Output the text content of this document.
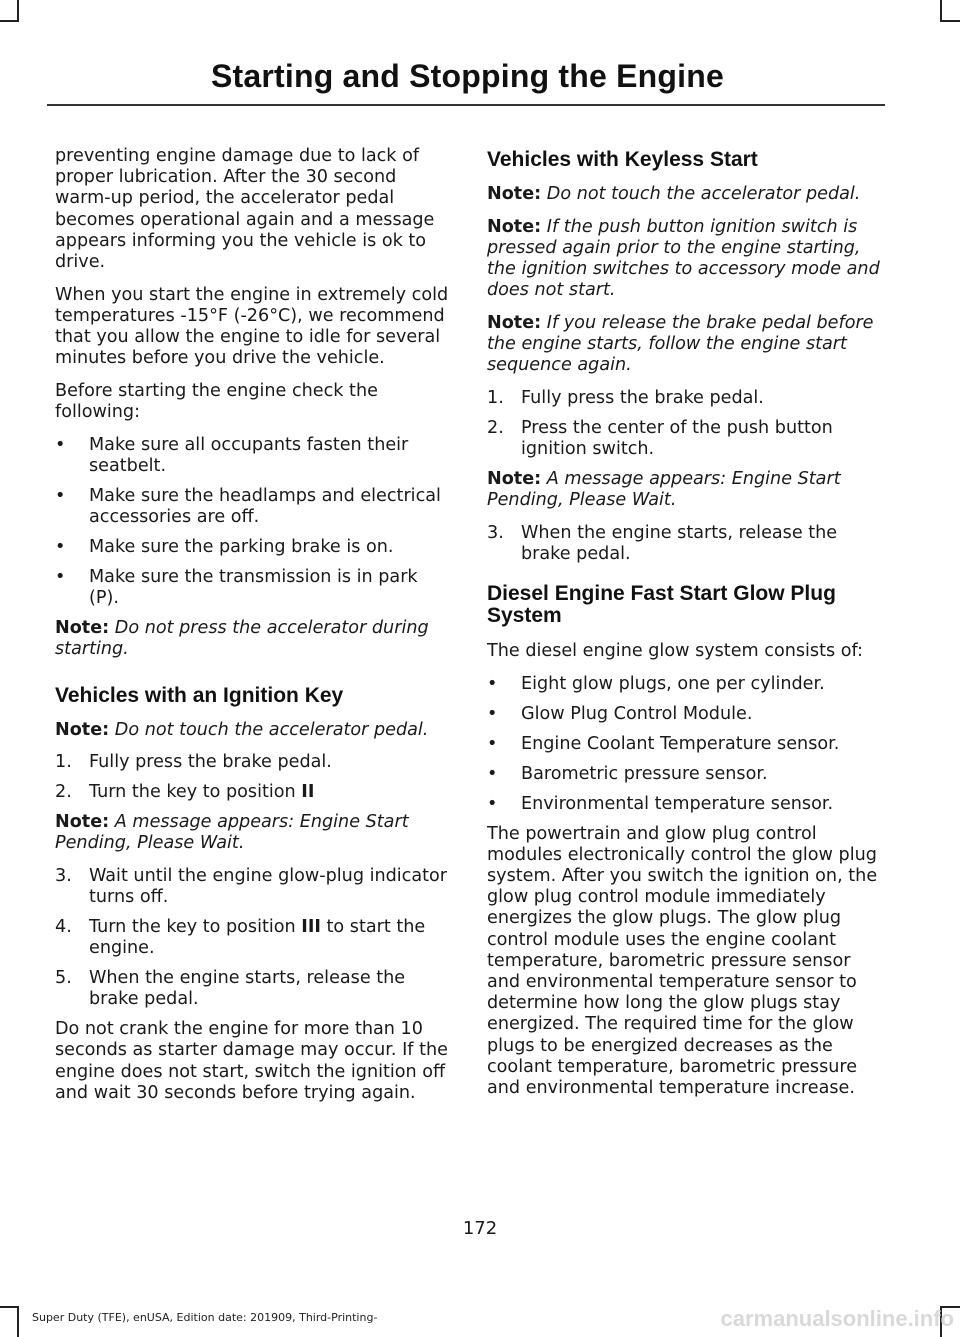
Starting and Stopping the Engine

preventing engine damage due to lack of proper lubrication. After the 30 second warm-up period, the accelerator pedal becomes operational again and a message appears informing you the vehicle is ok to drive.

When you start the engine in extremely cold temperatures -15°F (-26°C), we recommend that you allow the engine to idle for several minutes before you drive the vehicle.

Before starting the engine check the following:

•	Make sure all occupants fasten their seatbelt.
•	Make sure the headlamps and electrical accessories are off.
•	Make sure the parking brake is on.
•	Make sure the transmission is in park (P).

Note: Do not press the accelerator during starting.

Vehicles with an Ignition Key

Note: Do not touch the accelerator pedal.

1. Fully press the brake pedal.
2. Turn the key to position II

Note: A message appears: Engine Start Pending, Please Wait.

3. Wait until the engine glow-plug indicator turns off.
4. Turn the key to position III to start the engine.
5. When the engine starts, release the brake pedal.

Do not crank the engine for more than 10 seconds as starter damage may occur. If the engine does not start, switch the ignition off and wait 30 seconds before trying again.

Vehicles with Keyless Start

Note: Do not touch the accelerator pedal.

Note: If the push button ignition switch is pressed again prior to the engine starting, the ignition switches to accessory mode and does not start.

Note: If you release the brake pedal before the engine starts, follow the engine start sequence again.

1. Fully press the brake pedal.
2. Press the center of the push button ignition switch.

Note: A message appears: Engine Start Pending, Please Wait.

3. When the engine starts, release the brake pedal.
Diesel Engine Fast Start Glow Plug System

The diesel engine glow system consists of:

•	Eight glow plugs, one per cylinder.
•	Glow Plug Control Module.
•	Engine Coolant Temperature sensor.
•	Barometric pressure sensor.
•	Environmental temperature sensor.

The powertrain and glow plug control modules electronically control the glow plug system. After you switch the ignition on, the glow plug control module immediately energizes the glow plugs. The glow plug control module uses the engine coolant temperature, barometric pressure sensor and environmental temperature sensor to determine how long the glow plugs stay energized. The required time for the glow plugs to be energized decreases as the coolant temperature, barometric pressure and environmental temperature increase.

172
Super Duty (TFE), enUSA, Edition date: 201909, Third-Printing-	carmanualsonline.info
